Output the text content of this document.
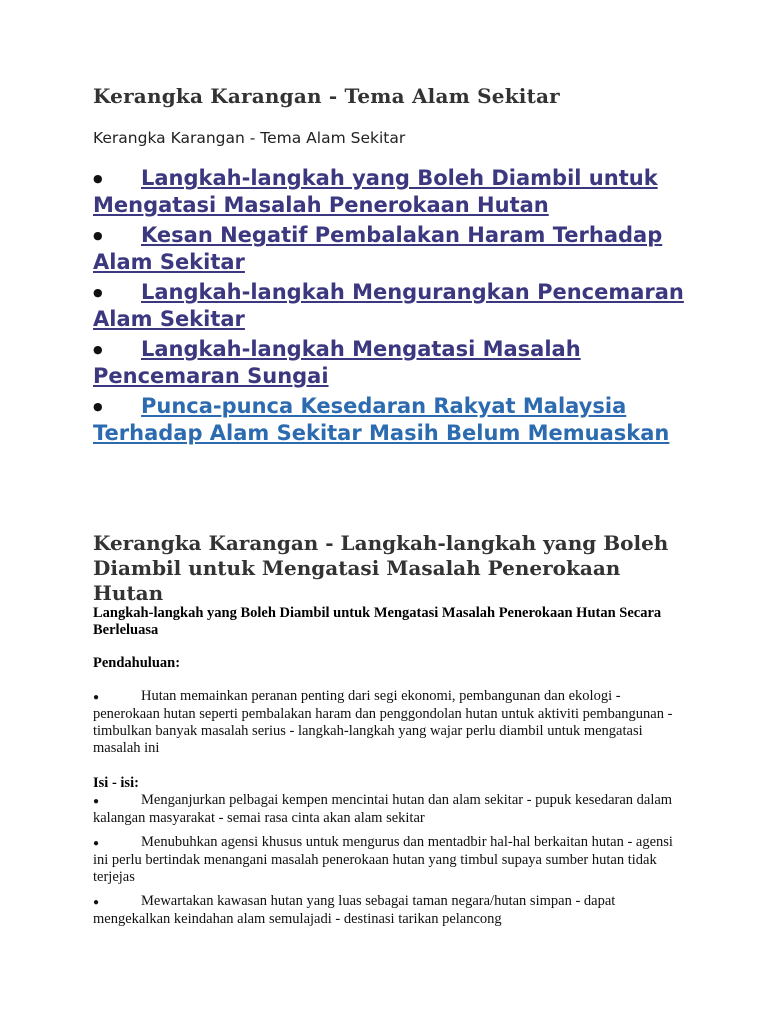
Kerangka Karangan - Tema Alam Sekitar

Kerangka Karangan - Tema Alam Sekitar

● Langkah-langkah yang Boleh Diambil untuk Mengatasi Masalah Penerokaan Hutan
● Kesan Negatif Pembalakan Haram Terhadap Alam Sekitar
● Langkah-langkah Mengurangkan Pencemaran Alam Sekitar
● Langkah-langkah Mengatasi Masalah Pencemaran Sungai
● Punca-punca Kesedaran Rakyat Malaysia Terhadap Alam Sekitar Masih Belum Memuaskan
Kerangka Karangan - Langkah-langkah yang Boleh Diambil untuk Mengatasi Masalah Penerokaan Hutan

Langkah-langkah yang Boleh Diambil untuk Mengatasi Masalah Penerokaan Hutan Secara Berleluasa

Pendahuluan:

●	Hutan memainkan peranan penting dari segi ekonomi, pembangunan dan ekologi - penerokaan hutan seperti pembalakan haram dan penggondolan hutan untuk aktiviti pembangunan - timbulkan banyak masalah serius - langkah-langkah yang wajar perlu diambil untuk mengatasi masalah ini

Isi - isi:

●	Menganjurkan pelbagai kempen mencintai hutan dan alam sekitar - pupuk kesedaran dalam kalangan masyarakat - semai rasa cinta akan alam sekitar
●	Menubuhkan agensi khusus untuk mengurus dan mentadbir hal-hal berkaitan hutan - agensi ini perlu bertindak menangani masalah penerokaan hutan yang timbul supaya sumber hutan tidak terjejas
●	Mewartakan kawasan hutan yang luas sebagai taman negara/hutan simpan - dapat mengekalkan keindahan alam semulajadi - destinasi tarikan pelancong
